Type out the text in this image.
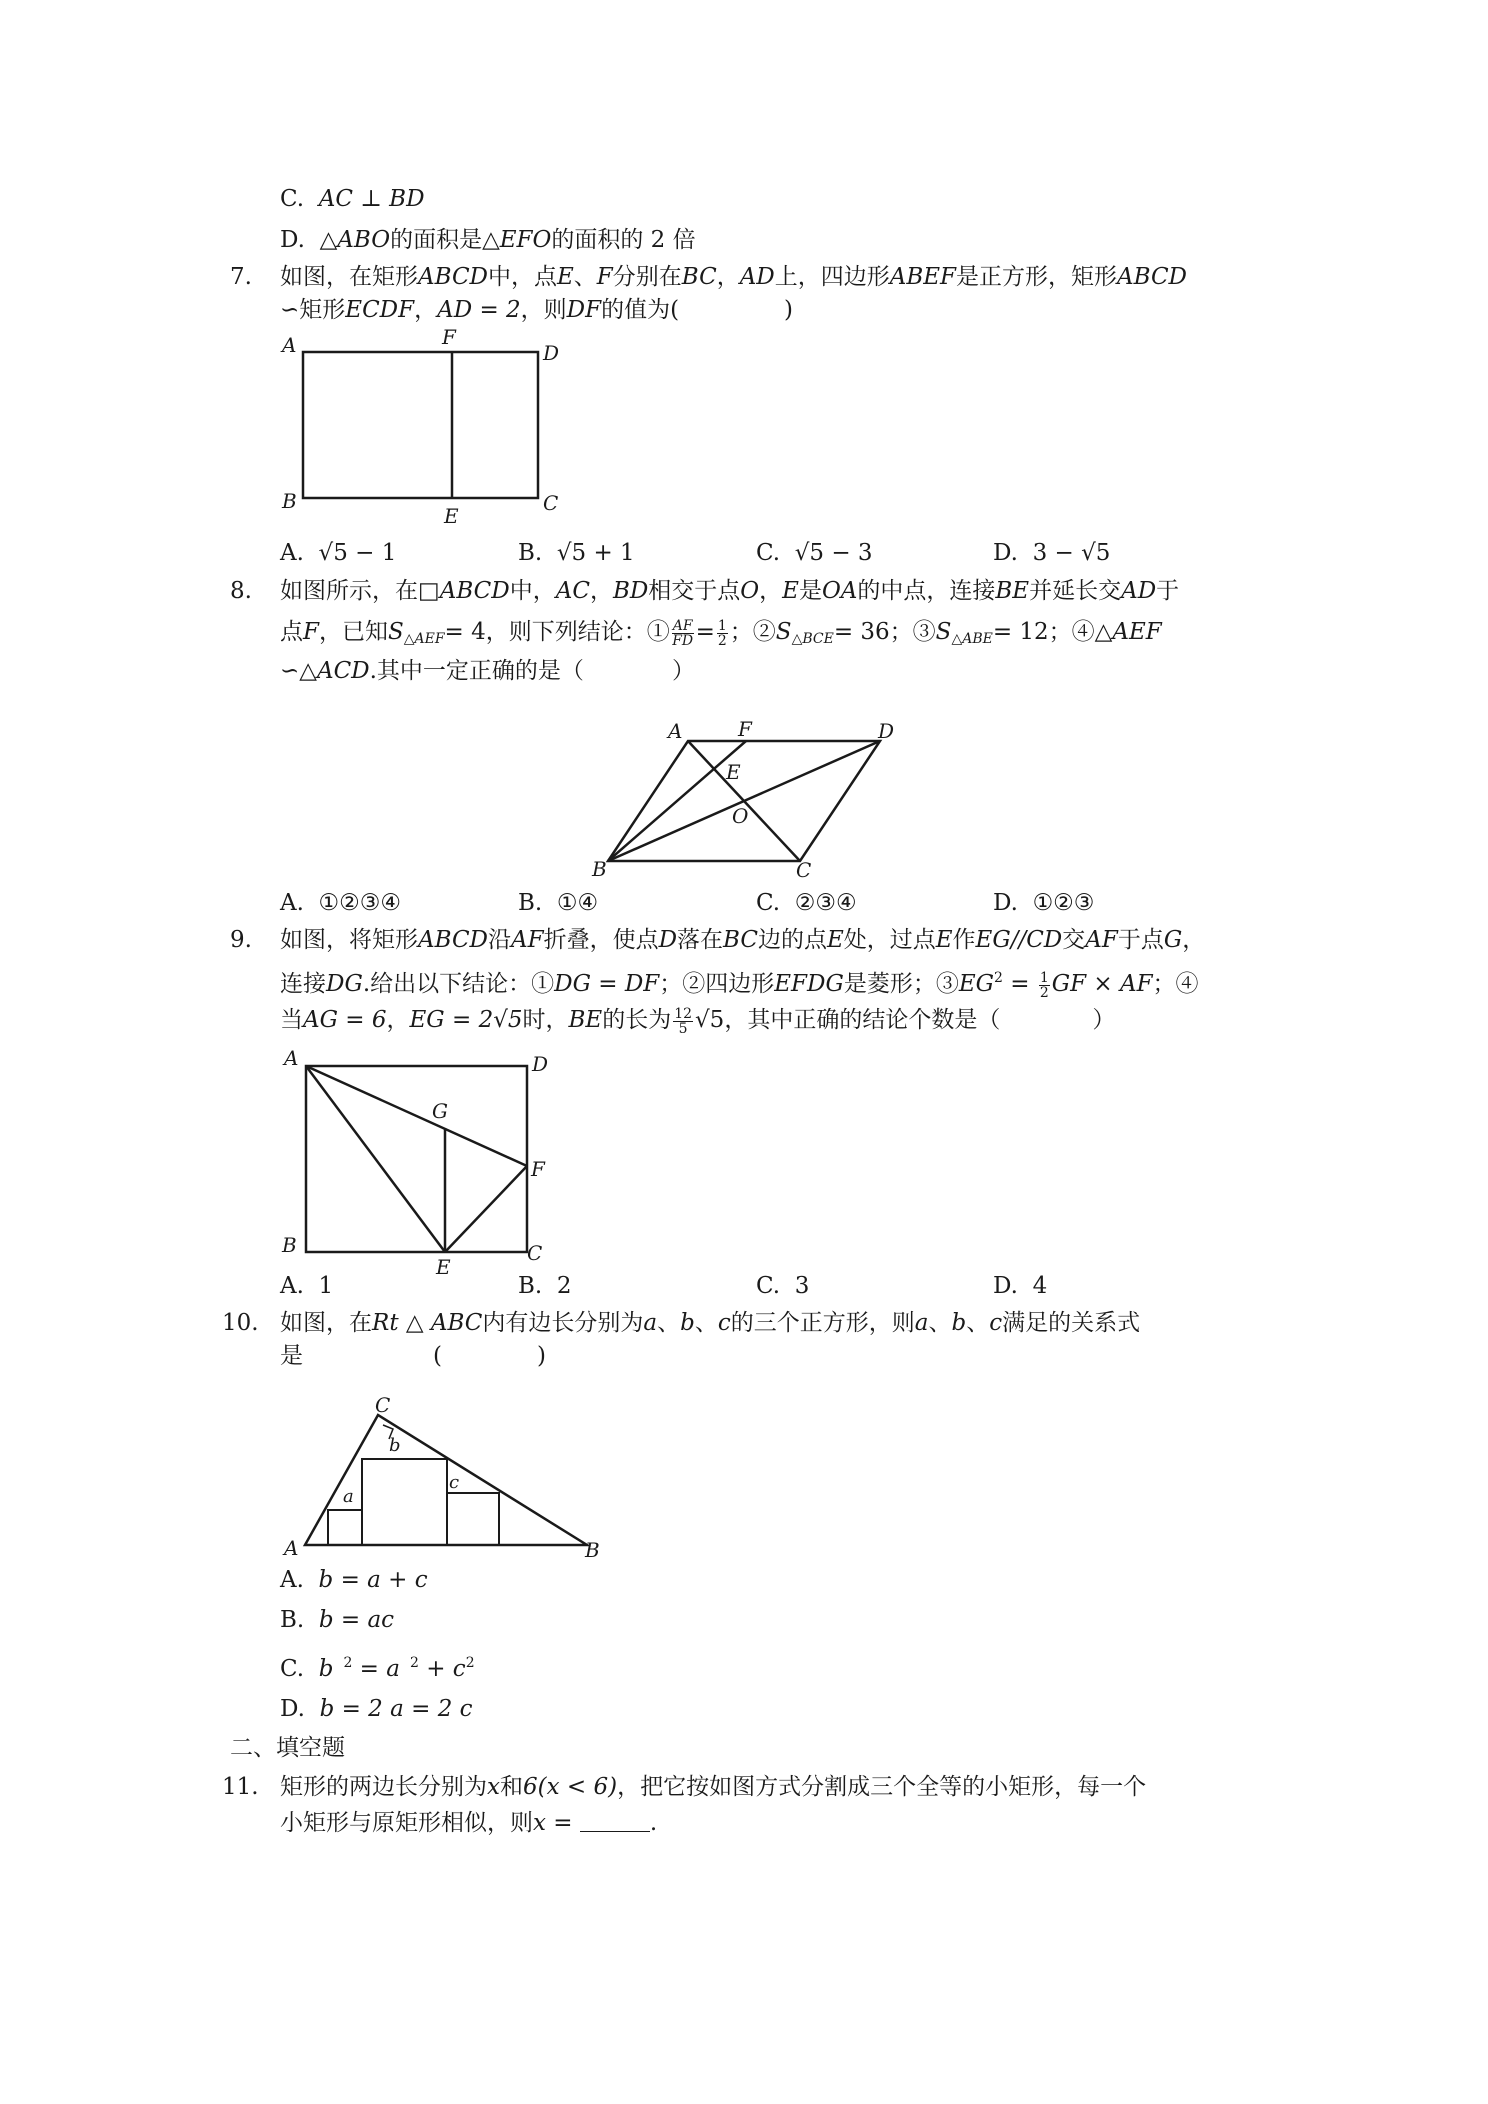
C. AC ⊥ BD
D. △ABO的面积是△EFO的面积的 2 倍
7. 如图，在矩形ABCD中，点E、F分别在BC，AD上，四边形ABEF是正方形，矩形ABCD
∽矩形ECDF，AD = 2，则DF的值为(	)
A	F
D
B
E
C
A. √5 − 1	B. √5 + 1	C. √5 − 3	D. 3 − √5
8. 如图所示，在□ABCD中，AC，BD相交于点O，E是OA的中点，连接BE并延长交AD于
点F，已知$S_{\triangle AEF}= 4$，则下列结论：① $\frac{AF}{FD} = \frac{1}{2}$ ；$②S_{\triangle BCE}= 36$；$③S_{\triangle ABE}= 12$；④△AEF
∽△ACD.其中一定正确的是（	）
A	F	D
E
O
B	C
A. ①②③④	B. ①④	C. ②③④	D. ①②③
9. 如图，将矩形ABCD沿AF折叠，使点D落在BC边的点E处，过点E作EG//CD交AF于点G，
连接DG.给出以下结论：①DG = DF；②四边形EFDG是菱形；$③EG^2 = \frac{1}{2}$ GF × AF；④
当AG = 6，EG = 2√5时，BE的长为 $\frac{12}{5} √5$，其中正确的结论个数是（	）
A	D
G
F
B
E
C
A. 1	B. 2	C. 3	D. 4
10. 如图，在Rt △ ABC内有边长分别为a、b、c的三个正方形，则a、b、c满足的关系式
是	(	)
C
b
a
c
A	B
A. b = a + c
B. b = ac
C. b $^2$ = a $^2 + c^2$
D. b = 2 a = 2 c
二、填空题
11. 矩形的两边长分别为x和6(x < 6)，把它按如图方式分割成三个全等的小矩形，每一个
小矩形与原矩形相似，则x =	.
